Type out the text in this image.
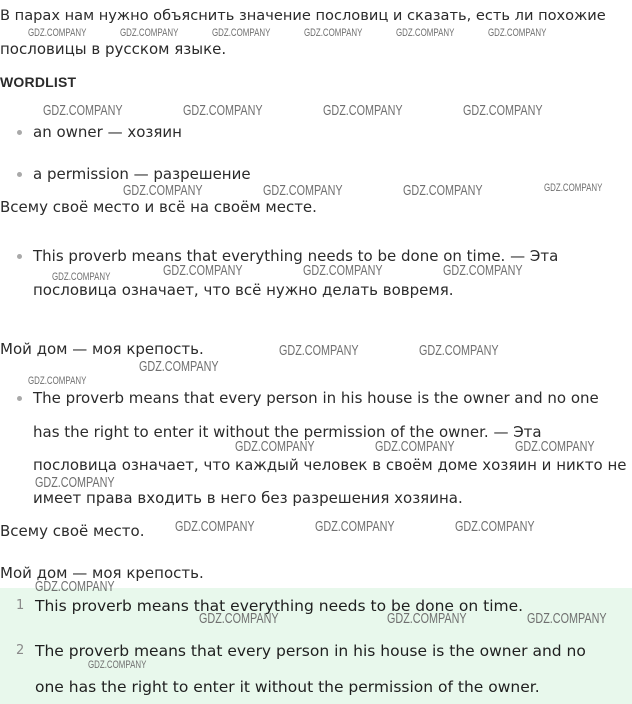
В парах нам нужно объяснить значение пословиц и сказать, есть ли похожие
пословицы в русском языке.
WORDLIST
an owner — хозяин
a permission — разрешение
Всему своё место и всё на своём месте.
This proverb means that everything needs to be done on time. — Эта
пословица означает, что всё нужно делать вовремя.
Мой дом — моя крепость.
The proverb means that every person in his house is the owner and no one
has the right to enter it without the permission of the owner. — Эта
пословица означает, что каждый человек в своём доме хозяин и никто не
имеет права входить в него без разрешения хозяина.
Всему своё место.
Мой дом — моя крепость.
1 This proverb means that everything needs to be done on time.
2 The proverb means that every person in his house is the owner and no
one has the right to enter it without the permission of the owner.
GDZ.COMPANY	GDZ.COMPANY	GDZ.COMPANY	GDZ.COMPANY	GDZ.COMPANY	GDZ.COMPANY
GDZ.COMPANY	GDZ.COMPANY	GDZ.COMPANY	GDZ.COMPANY
GDZ.COMPANY	GDZ.COMPANY	GDZ.COMPANY	GDZ.COMPANY
GDZ.COMPANY	GDZ.COMPANY	GDZ.COMPANY	GDZ.COMPANY
GDZ.COMPANY	GDZ.COMPANY
GDZ.COMPANY
GDZ.COMPANY
GDZ.COMPANY	GDZ.COMPANY	GDZ.COMPANY
GDZ.COMPANY
GDZ.COMPANY	GDZ.COMPANY	GDZ.COMPANY
GDZ.COMPANY
GDZ.COMPANY	GDZ.COMPANY	GDZ.COMPANY
GDZ.COMPANY
